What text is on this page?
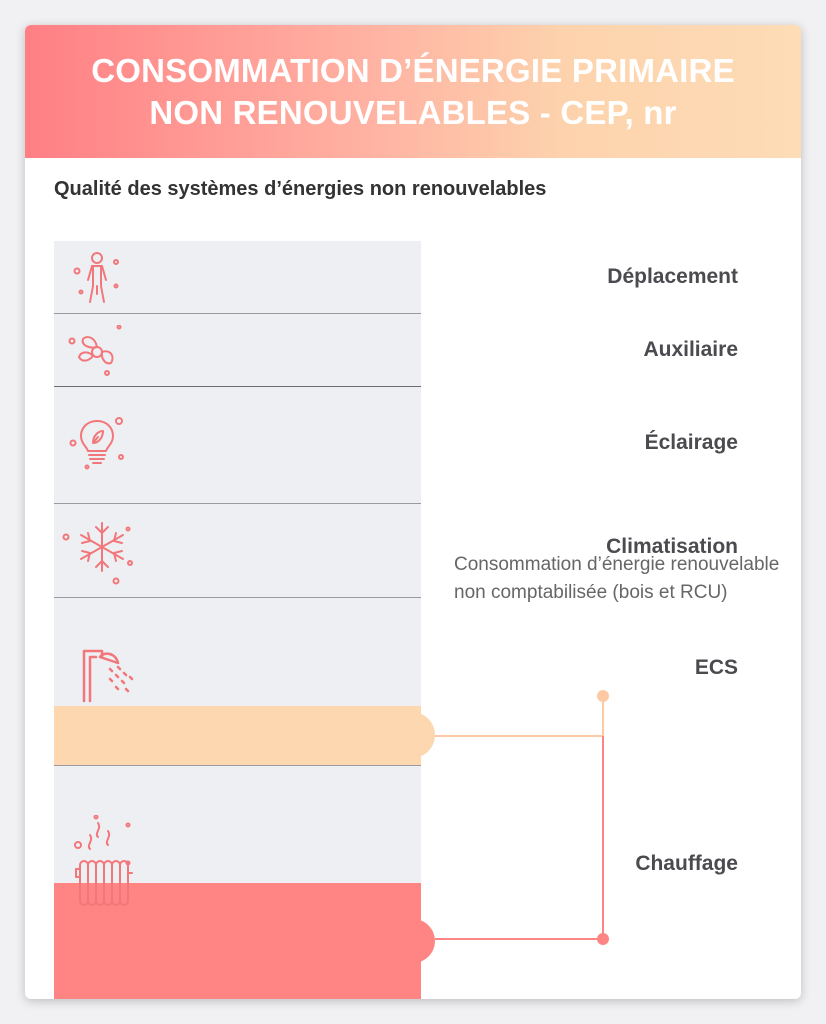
CONSOMMATION D’ÉNERGIE PRIMAIRE
NON RENOUVELABLES - CEP, nr
Qualité des systèmes d’énergies non renouvelables
Déplacement
Auxiliaire
Éclairage
Climatisation
ECS
Chauffage
Consommation d’énergie renouvelable non comptabilisée (bois et RCU)
